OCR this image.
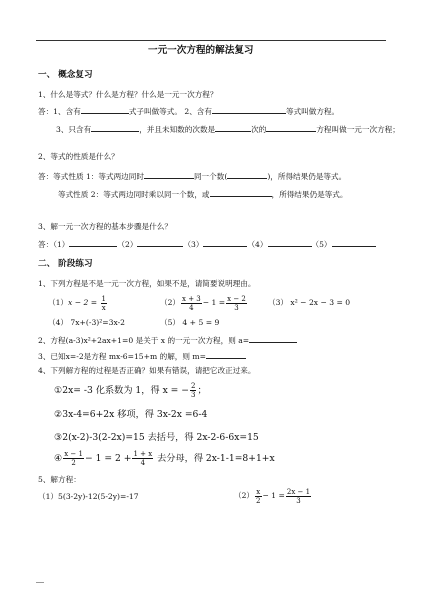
一元一次方程的解法复习
一、 概念复习
1、什么是等式？什么是方程？什么是一元一次方程？
答：1、含有	式子叫做等式。 2、含有	等式叫做方程。
3、只含有	，并且未知数的次数是	次的	方程叫做一元一次方程；
2、等式的性质是什么？
答：等式性质 1：等式两边同时	同一个数(	)，所得结果仍是等式。
等式性质 2：等式两边同时乘以同一个数，或	，所得结果仍是等式。
3、解一元一次方程的基本步骤是什么？
答：（1）	（2）	（3）	（4）	（5）
二、 阶段练习
1、下列方程是不是一元一次方程，如果不是，请简要说明理由。
$(1)x - 2 = \frac{1}{x}$	$(2) \frac{x + 3}{4} - 1 = \frac{x - 2}{3}$	（3） x² − 2x − 3 = 0
（4） 7x+(-3)²=3x-2	（5） 4 + 5 = 9
2、方程(a-3)x²+2ax+1=0 是关于 x 的一元一次方程，则 a=
3、已知x=-2是方程 mx-6=15+m 的解，则 m=
4、下列解方程的过程是否正确？如果有错误，请把它改正过来。
①2x= -3 化系数为 1，得 x = − $\frac{2}{3}$ ；
②3x-4=6+2x 移项，得 3x-2x =6-4
③2(x-2)-3(2-2x)=15 去括号，得 2x-2-6-6x=15
④ $\frac{x - 1}{2} - 1 = 2 + \frac{1 + x}{4}$ 去分母，得 2x-1-1=8+1+x
5、解方程：
（1）5(3-2y)-12(5-2y)=-17	$(2) \frac{x}{2} - 1 = \frac{2x - 1}{3}$
